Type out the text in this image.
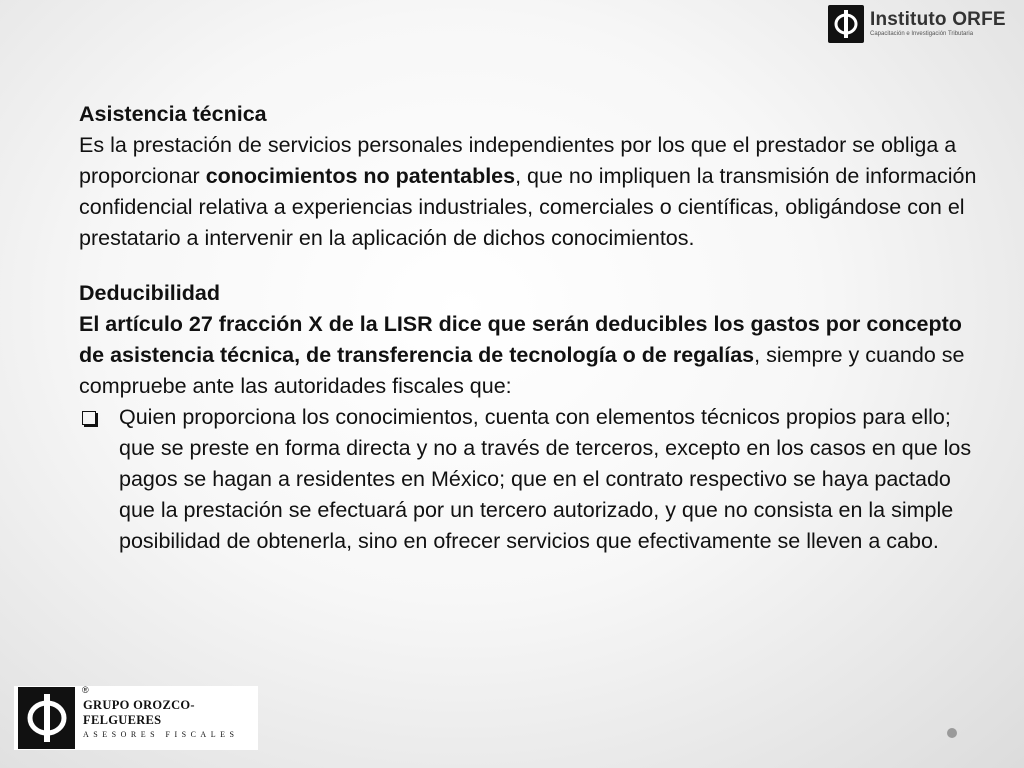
Instituto ORFE
Capacitación e Investigación Tributaria

Asistencia técnica

Es la prestación de servicios personales independientes por los que el prestador se obliga a proporcionar conocimientos no patentables, que no impliquen la transmisión de información confidencial relativa a experiencias industriales, comerciales o científicas, obligándose con el prestatario a intervenir en la aplicación de dichos conocimientos.

Deducibilidad

El artículo 27 fracción X de la LISR dice que serán deducibles los gastos por concepto de asistencia técnica, de transferencia de tecnología o de regalías, siempre y cuando se compruebe ante las autoridades fiscales que:

Quien proporciona los conocimientos, cuenta con elementos técnicos propios para ello; que se preste en forma directa y no a través de terceros, excepto en los casos en que los pagos se hagan a residentes en México; que en el contrato respectivo se haya pactado que la prestación se efectuará por un tercero autorizado, y que no consista en la simple posibilidad de obtenerla, sino en ofrecer servicios que efectivamente se lleven a cabo.
®
GRUPO OROZCO-FELGUERES
ASESORES FISCALES
